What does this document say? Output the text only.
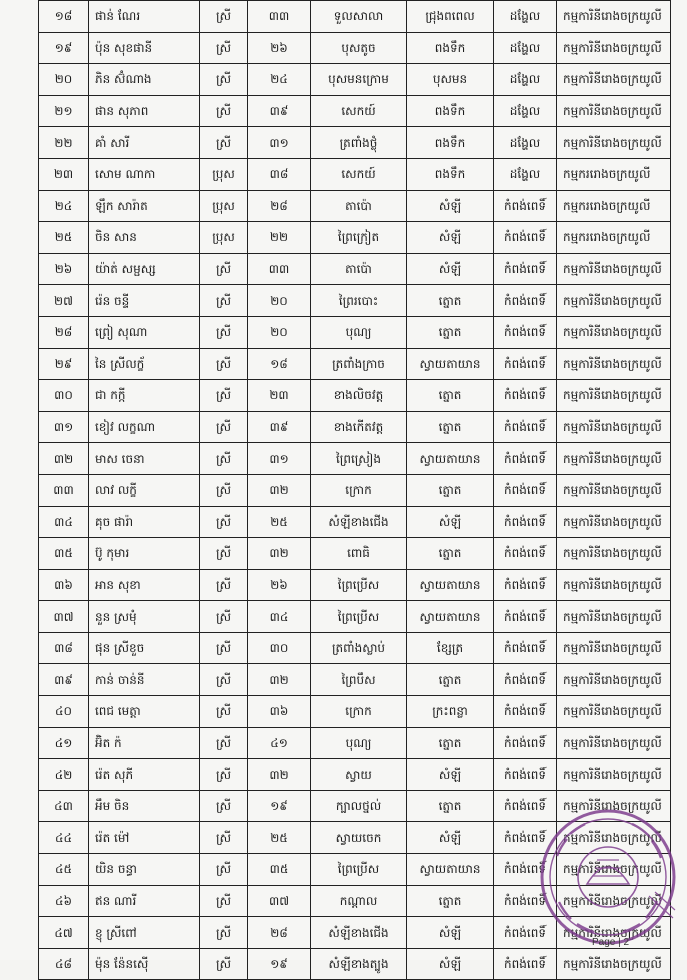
១៨	ផាន់ ណែរ	ស្រី	៣៣	ទួលសាលា	ជ្រុងពពេល	ដង្ហែល	កម្មការិនីរោងចក្រយូលី
១៩	ប៉ុន សុខផានី	ស្រី	២៦	បុសតូច	ពងទឹក	ដង្ហែល	កម្មការិនីរោងចក្រយូលី
២០	ភិន ស៊ំណាង	ស្រី	២៤	បុសមនក្រោម	បុសមន	ដង្ហែល	កម្មការិនីរោងចក្រយូលី
២១	ផាន សុភាព	ស្រី	៣៩	សេកយ៍	ពងទឹក	ដង្ហែល	កម្មការិនីរោងចក្រយូលី
២២	គាំ សារី	ស្រី	៣១	ត្រពាំងថ្លុំ	ពងទឹក	ដង្ហែល	កម្មការិនីរោងចក្រយូលី
២៣	សោម ណាកា	ប្រុស	៣៨	សេកយ៍	ពងទឹក	ដង្ហែល	កម្មកររោងចក្រយូលី
២៤	ឡឹក សារ៉ាត	ប្រុស	២៨	តាប៉ោ	សំឡី	កំពង់ពេទិ៍	កម្មកររោងចក្រយូលី
២៥	ចិន សាន	ប្រុស	២២	ព្រៃក្រៀត	សំឡី	កំពង់ពេទិ៍	កម្មកររោងចក្រយូលី
២៦	យ៉ាត់ សម្ផស្ស	ស្រី	៣៣	តាប៉ោ	សំឡី	កំពង់ពេទិ៍	កម្មការិនីរោងចក្រយូលី
២៧	រ៉េន ចន្ទី	ស្រី	២០	ព្រៃរបោះ	ត្នោត	កំពង់ពេទិ៍	កម្មការិនីរោងចក្រយូលី
២៨	ព្រៀ សុណា	ស្រី	២០	បុណ្យ	ត្នោត	កំពង់ពេទិ៍	កម្មការិនីរោងចក្រយូលី
២៩	នៃ ស្រីលក្ខ័	ស្រី	១៨	ត្រពាំងក្រាច	ស្វាយតាយាន	កំពង់ពេទិ៍	កម្មការិនីរោងចក្រយូលី
៣០	ជា កក្កី	ស្រី	២៣	ខាងលិចវត្ត	ត្នោត	កំពង់ពេទិ៍	កម្មការិនីរោងចក្រយូលី
៣១	ខៀវ លក្ខណា	ស្រី	៣៩	ខាងកើតវត្ត	ត្នោត	កំពង់ពេទិ៍	កម្មការិនីរោងចក្រយូលី
៣២	មាស ចេនា	ស្រី	៣១	ព្រៃស្រៀង	ស្វាយតាយាន	កំពង់ពេទិ៍	កម្មការិនីរោងចក្រយូលី
៣៣	លាវ លក្ខី	ស្រី	៣២	ក្រោក	ត្នោត	កំពង់ពេទិ៍	កម្មការិនីរោងចក្រយូលី
៣៤	គុច ផារ៉ា	ស្រី	២៥	សំឡីខាងជើង	សំឡី	កំពង់ពេទិ៍	កម្មការិនីរោងចក្រយូលី
៣៥	ប៊ូ កុមារ	ស្រី	៣២	ពោធិ	ត្នោត	កំពង់ពេទិ៍	កម្មការិនីរោងចក្រយូលី
៣៦	អាន សុខា	ស្រី	២៦	ព្រៃប្រើស	ស្វាយតាយាន	កំពង់ពេទិ៍	កម្មការិនីរោងចក្រយូលី
៣៧	នួន ស្រមុំ	ស្រី	៣៤	ព្រៃប្រើស	ស្វាយតាយាន	កំពង់ពេទិ៍	កម្មការិនីរោងចក្រយូលី
៣៨	ផុន ស្រីខួច	ស្រី	៣០	ត្រពាំងស្លាប់	ខ្សែត្រ	កំពង់ពេទិ៍	កម្មការិនីរោងចក្រយូលី
៣៩	កាន់ ចាន់នី	ស្រី	៣២	ព្រៃបឹស	ត្នោត	កំពង់ពេទិ៍	កម្មការិនីរោងចក្រយូលី
៤០	ពេជ មេត្តា	ស្រី	៣៦	ក្រោក	ក្រះពន្លា	កំពង់ពេទិ៍	កម្មការិនីរោងចក្រយូលី
៤១	អ៊ិត ក៉	ស្រី	៤១	បុណ្យ	ត្នោត	កំពង់ពេទិ៍	កម្មការិនីរោងចក្រយូលី
៤២	រ៉េត សុភី	ស្រី	៣២	ស្វាយ	សំឡី	កំពង់ពេទិ៍	កម្មការិនីរោងចក្រយូលី
៤៣	អឹម ចិន	ស្រី	១៩	ក្បាលថ្នល់	ត្នោត	កំពង់ពេទិ៍	កម្មការិនីរោងចក្រយូលី
៤៤	រ៉េត ម៉ៅ	ស្រី	២៥	ស្វាយចេក	សំឡី	កំពង់ពេទិ៍	កម្មការិនីរោងចក្រយូលី
៤៥	យិន ចន្ធា	ស្រី	៣៥	ព្រៃប្រើស	ស្វាយតាយាន	កំពង់ពេទិ៍	កម្មការិនីរោងចក្រយូលី
៤៦	ឥន ណារី	ស្រី	៣៧	កណ្តាល	ត្នោត	កំពង់ពេទិ៍	កម្មការិនីរោងចក្រយូលី
៤៧	ខ្ញុ ស្រីពៅ	ស្រី	២៨	សំឡីខាងជើង	សំឡី	កំពង់ពេទិ៍	កម្មការិនីរោងចក្រយូលី
៤៨	ម៉ុន ន៉ែនស៊ើ	ស្រី	១៩	សំឡីខាងត្បូង	សំឡី	កំពង់ពេទិ៍	កម្មការិនីរោងចក្រយូលី
Page | 2
